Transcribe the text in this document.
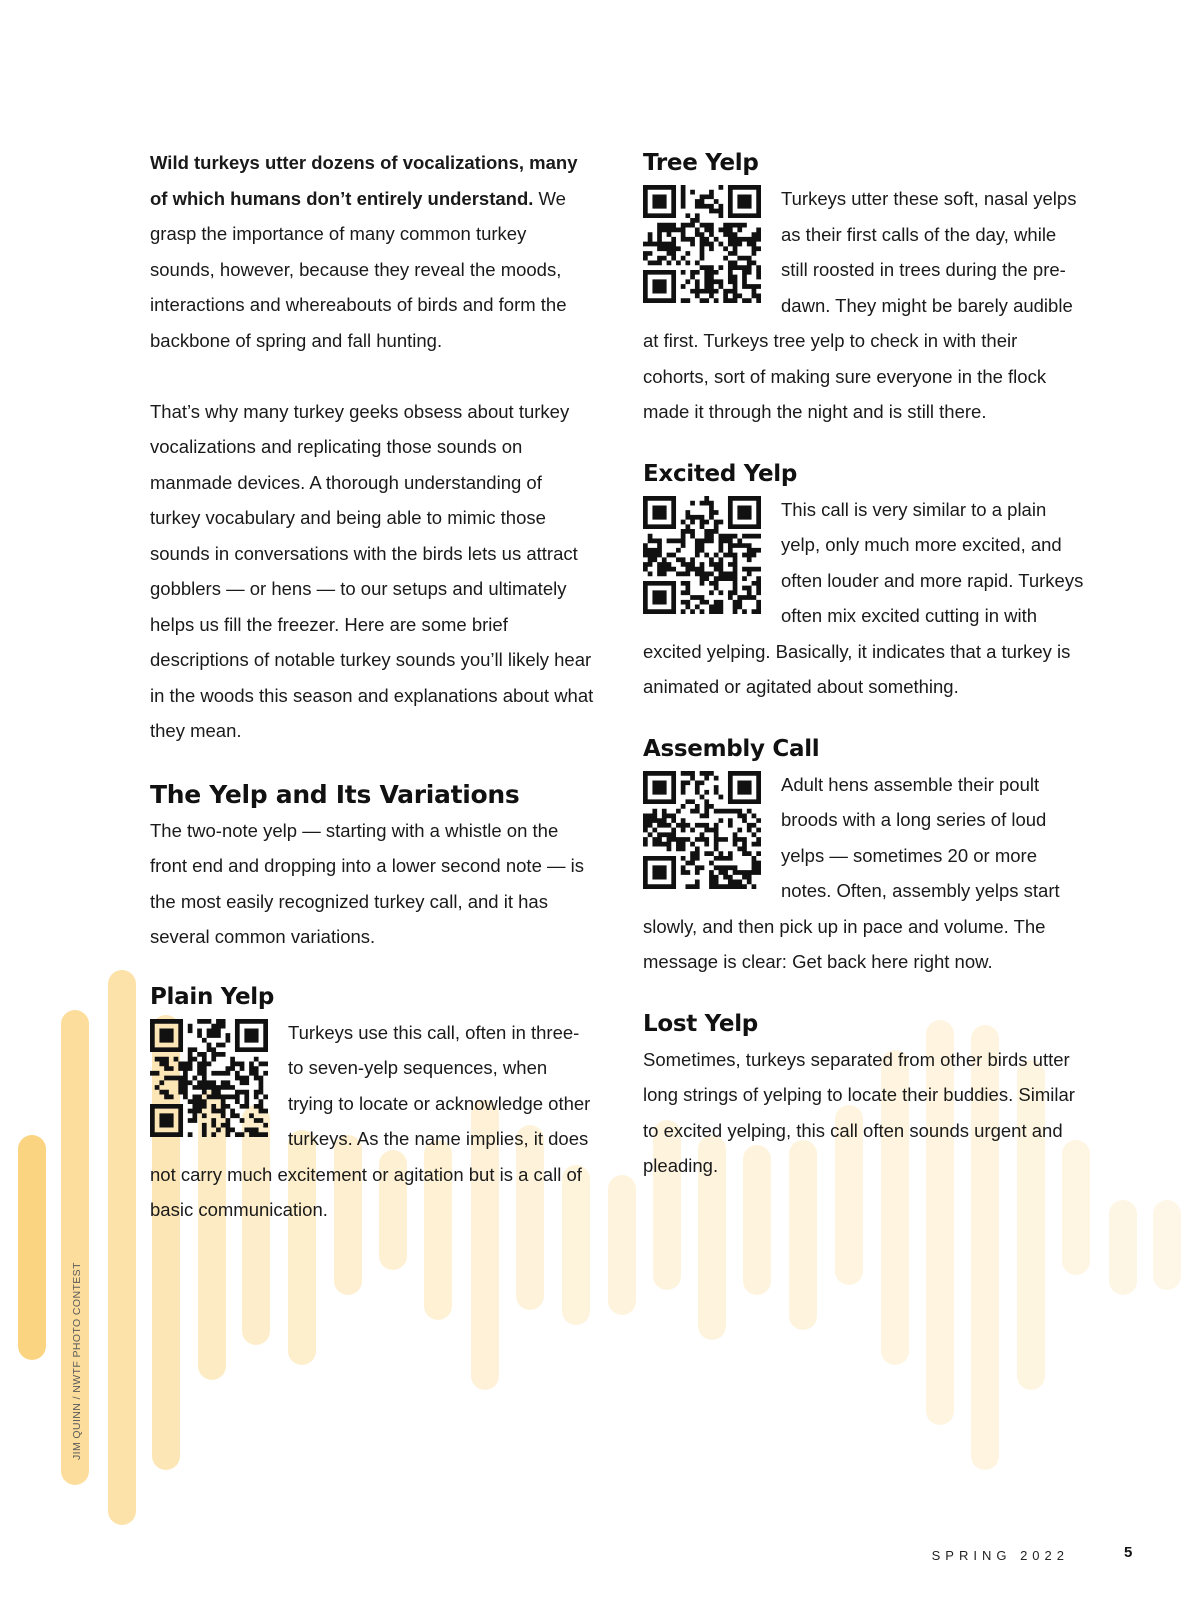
Wild turkeys utter dozens of vocalizations, many of which humans don’t entirely understand. We grasp the importance of many common turkey sounds, however, because they reveal the moods, interactions and whereabouts of birds and form the backbone of spring and fall hunting.

That’s why many turkey geeks obsess about turkey vocalizations and replicating those sounds on manmade devices. A thorough understanding of turkey vocabulary and being able to mimic those sounds in conversations with the birds lets us attract gobblers — or hens — to our setups and ultimately helps us fill the freezer. Here are some brief descriptions of notable turkey sounds you’ll likely hear in the woods this season and explanations about what they mean.

The Yelp and Its Variations

The two-note yelp — starting with a whistle on the front end and dropping into a lower second note — is the most easily recognized turkey call, and it has several common variations.

Plain Yelp

Turkeys use this call, often in three- to seven-yelp sequences, when trying to locate or acknowledge other turkeys. As the name implies, it does not carry much excitement or agitation but is a call of basic communication.

Tree Yelp

Turkeys utter these soft, nasal yelps as their first calls of the day, while still roosted in trees during the pre-dawn. They might be barely audible at first. Turkeys tree yelp to check in with their cohorts, sort of making sure everyone in the flock made it through the night and is still there.

Excited Yelp

This call is very similar to a plain yelp, only much more excited, and often louder and more rapid. Turkeys often mix excited cutting in with excited yelping. Basically, it indicates that a turkey is animated or agitated about something.

Assembly Call

Adult hens assemble their poult broods with a long series of loud yelps — sometimes 20 or more notes. Often, assembly yelps start slowly, and then pick up in pace and volume. The message is clear: Get back here right now.

Lost Yelp

Sometimes, turkeys separated from other birds utter long strings of yelping to locate their buddies. Similar to excited yelping, this call often sounds urgent and pleading.

JIM QUINN / NWTF PHOTO CONTEST
SPRING 2022	5
